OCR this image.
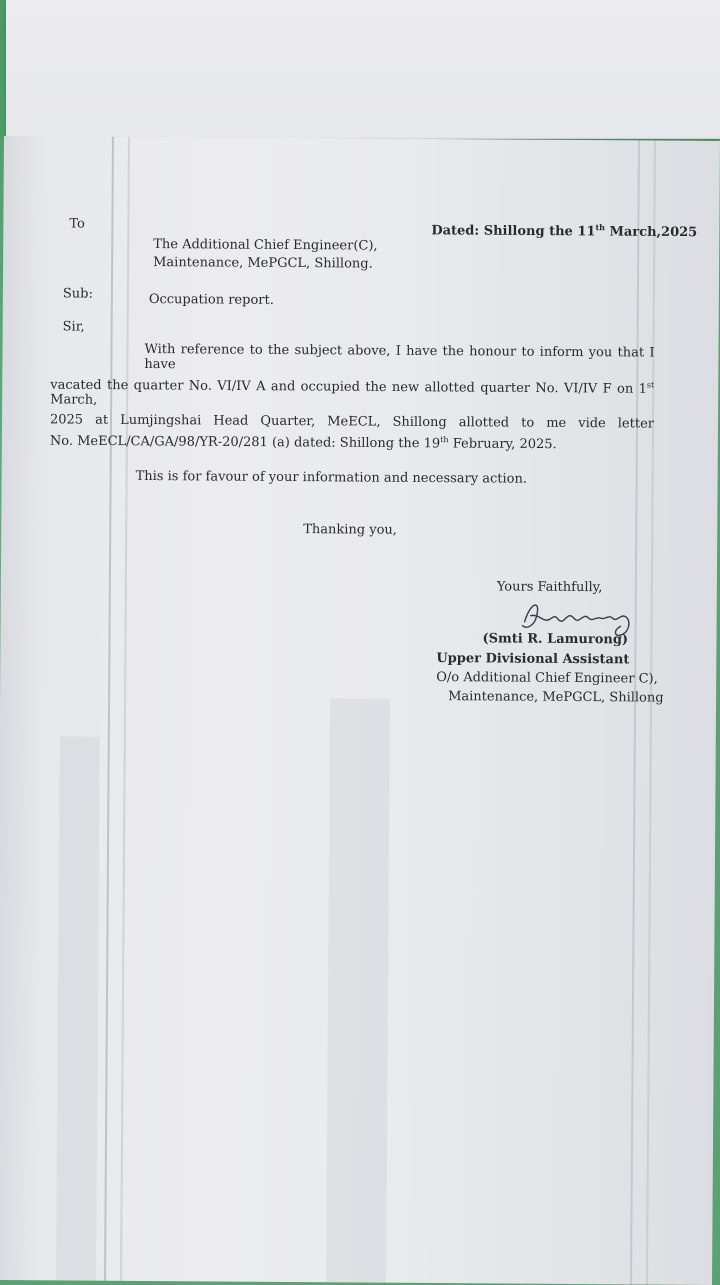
To	Dated: Shillong the 11th March,2025
The Additional Chief Engineer(C),
Maintenance, MePGCL, Shillong.
Sub:	Occupation report.
Sir,
With reference to the subject above, I have the honour to inform you that I have
vacated the quarter No. VI/IV A and occupied the new allotted quarter No. VI/IV F on 1st March,
2025 at Lumjingshai Head Quarter, MeECL, Shillong allotted to me vide letter
No. MeECL/CA/GA/98/YR-20/281 (a) dated: Shillong the 19th February, 2025.
This is for favour of your information and necessary action.
Thanking you,
Yours Faithfully,
(Smti R. Lamurong)
Upper Divisional Assistant
O/o Additional Chief Engineer C),
Maintenance, MePGCL, Shillong
